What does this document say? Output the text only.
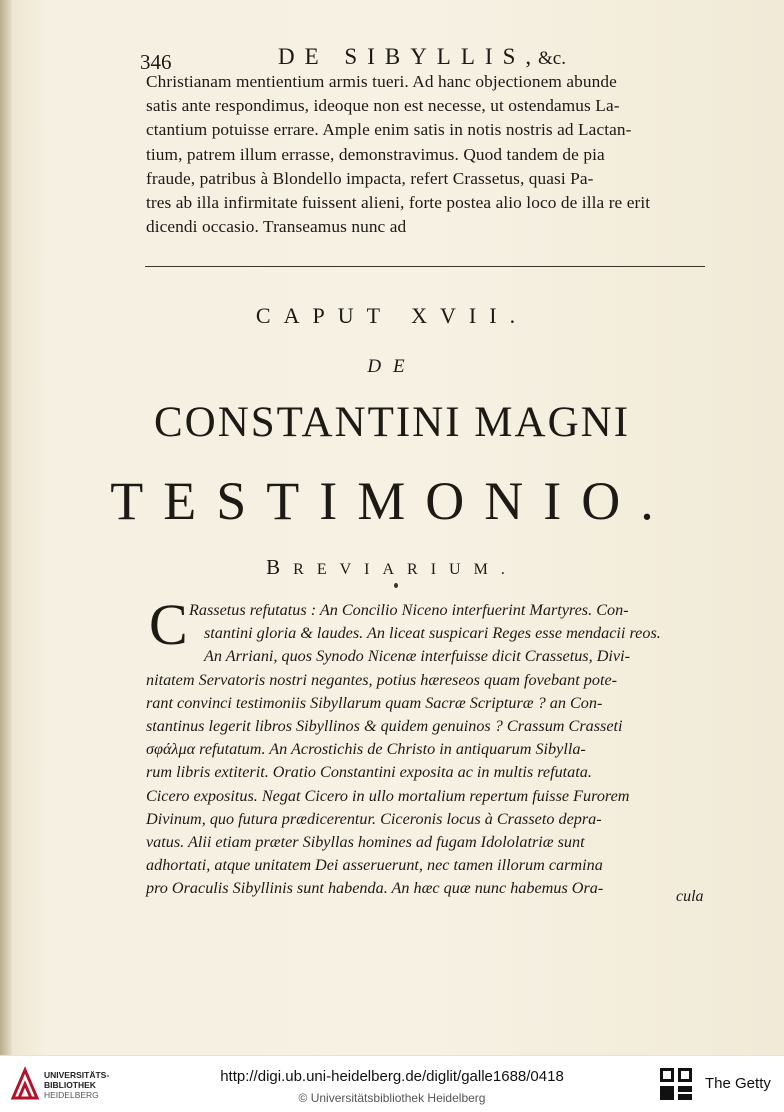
346	DE SIBYLLIS,
&c.
Christianam mentientium armis tueri. Ad hanc objectionem abunde
satis ante respondimus, ideoque non est necesse, ut ostendamus La-
ctantium potuisse errare. Ample enim satis in notis nostris ad Lactan-
tium, patrem illum errasse, demonstravimus. Quod tandem de pia
fraude, patribus à Blondello impacta, refert Crassetus, quasi Pa-
tres ab illa infirmitate fuissent alieni, forte postea alio loco de illa re erit
dicendi occasio. Transeamus nunc ad
CAPUT XVII.
DE
CONSTANTINI MAGNI
TESTIMONIO.
BREVIARIUM.
C Rassetus refutatus : An Concilio Niceno interfuerint Martyres. Con-
stantini gloria & laudes. An liceat suspicari Reges esse mendacii reos.
An Arriani, quos Synodo Nicenæ interfuisse dicit Crassetus, Divi-
nitatem Servatoris nostri negantes, potius hæreseos quam fovebant pote-
rant convinci testimoniis Sibyllarum quam Sacræ Scripturæ ? an Con-
stantinus legerit libros Sibyllinos & quidem genuinos ? Crassum Crasseti
σφάλμα refutatum. An Acrostichis de Christo in antiquarum Sibylla-
rum libris extiterit. Oratio Constantini exposita ac in multis refutata.
Cicero expositus. Negat Cicero in ullo mortalium repertum fuisse Furorem
Divinum, quo futura prædicerentur. Ciceronis locus à Crasseto depra-
vatus. Alii etiam præter Sibyllas homines ad fugam Idololatriæ sunt
adhortati, atque unitatem Dei asseruerunt, nec tamen illorum carmina
pro Oraculis Sibyllinis sunt habenda. An hæc quæ nunc habemus Ora-	cula
UNIVERSITÄTS-
BIBLIOTHEK
HEIDELBERG
http://digi.ub.uni-heidelberg.de/diglit/galle1688/0418
© Universitätsbibliothek Heidelberg
The Getty
